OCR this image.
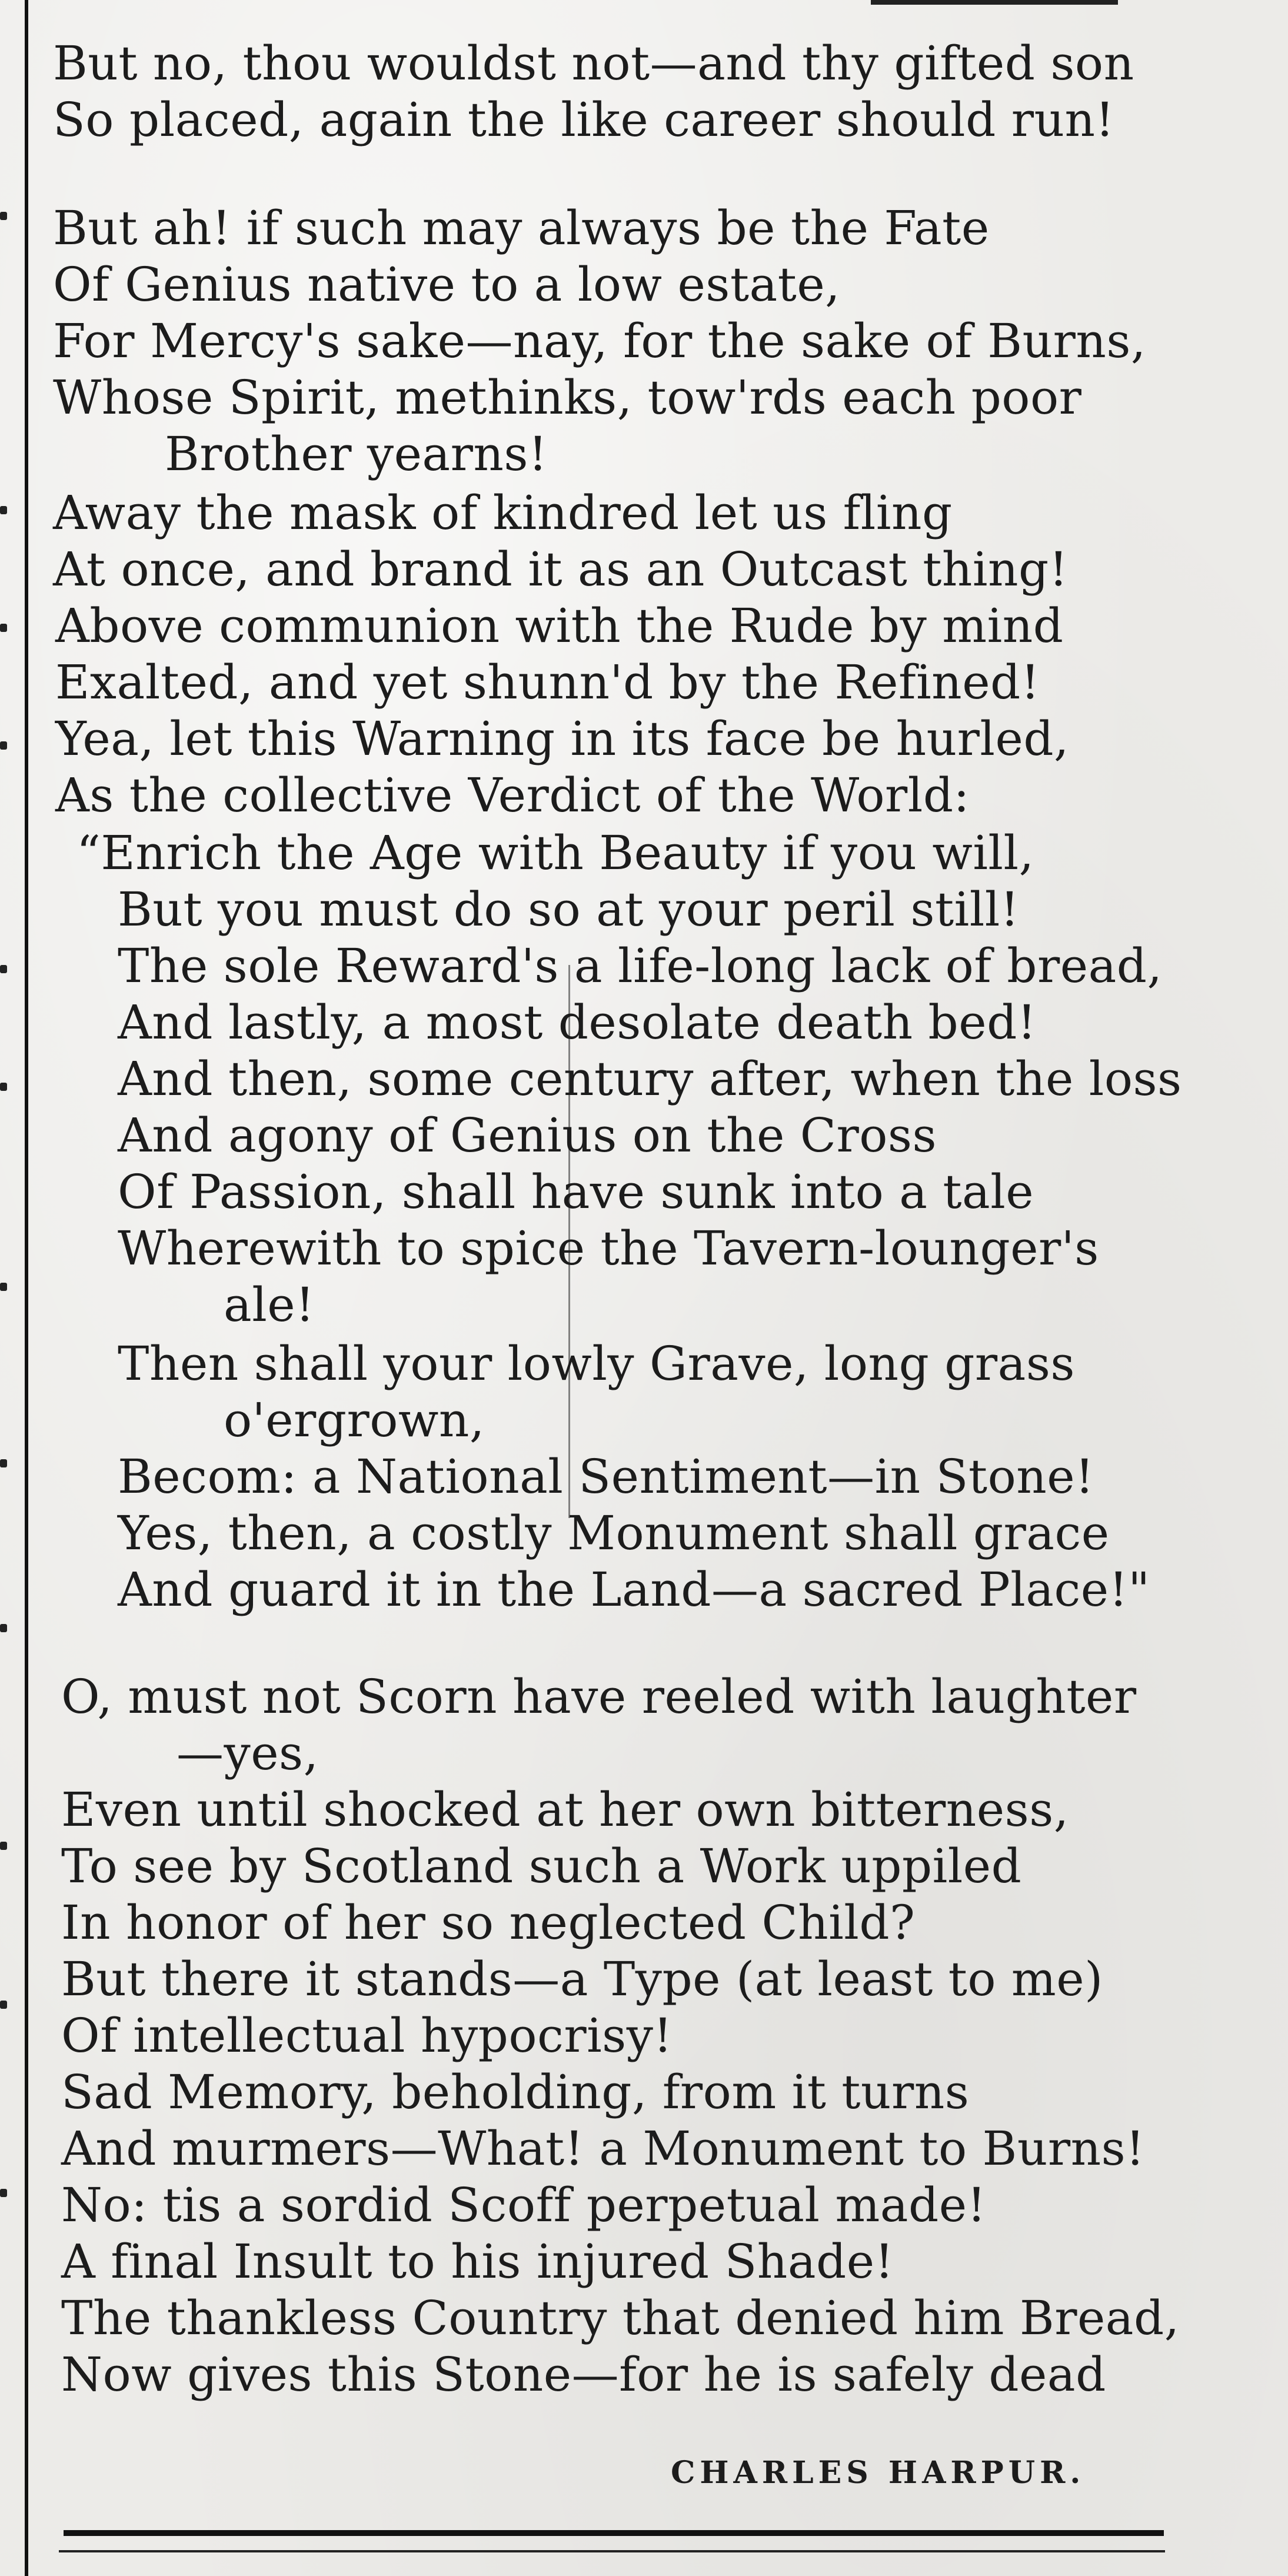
But no, thou wouldst not—and thy gifted son
So placed, again the like career should run!
But ah! if such may always be the Fate
Of Genius native to a low estate,
For Mercy's sake—nay, for the sake of Burns,
Whose Spirit, methinks, tow'rds each poor
Brother yearns!
Away the mask of kindred let us fling
At once, and brand it as an Outcast thing!
Above communion with the Rude by mind
Exalted, and yet shunn'd by the Refined!
Yea, let this Warning in its face be hurled,
As the collective Verdict of the World:
“Enrich the Age with Beauty if you will,
But you must do so at your peril still!
The sole Reward's a life-long lack of bread,
And lastly, a most desolate death bed!
And then, some century after, when the loss
And agony of Genius on the Cross
Of Passion, shall have sunk into a tale
Wherewith to spice the Tavern-lounger's
ale!
Then shall your lowly Grave, long grass
o'ergrown,
Becom: a National Sentiment—in Stone!
Yes, then, a costly Monument shall grace
And guard it in the Land—a sacred Place!"
O, must not Scorn have reeled with laughter
—yes,
Even until shocked at her own bitterness,
To see by Scotland such a Work uppiled
In honor of her so neglected Child?
But there it stands—a Type (at least to me)
Of intellectual hypocrisy!
Sad Memory, beholding, from it turns
And murmers—What! a Monument to Burns!
No: tis a sordid Scoff perpetual made!
A final Insult to his injured Shade!
The thankless Country that denied him Bread,
Now gives this Stone—for he is safely dead
CHARLES HARPUR.
